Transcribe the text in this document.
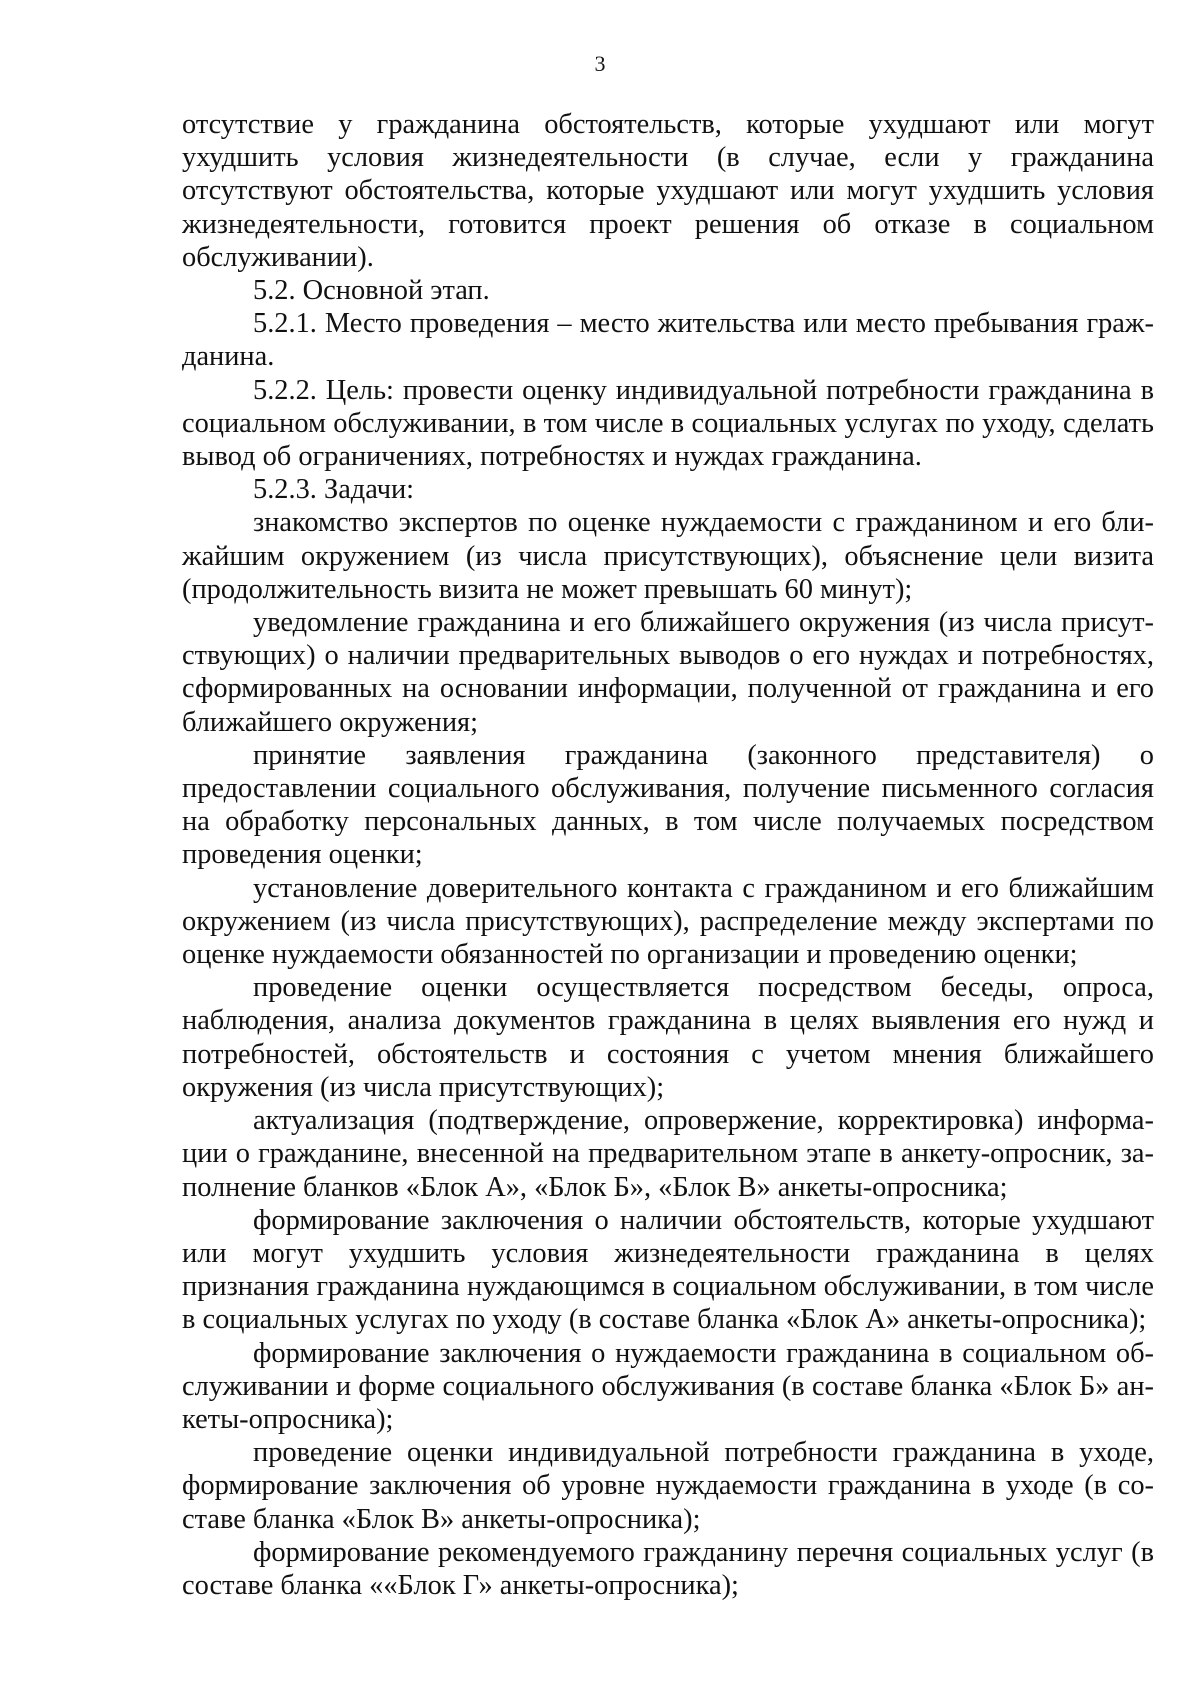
3

отсутствие у гражданина обстоятельств, которые ухудшают или могут ухудшить условия жизнедеятельности (в случае, если у гражданина отсутствуют обстоятельства, которые ухудшают или могут ухудшить условия жизнедеятельности, готовится проект решения об отказе в социальном обслуживании).

5.2. Основной этап.

5.2.1. Место проведения – место жительства или место пребывания гражданина.

5.2.2. Цель: провести оценку индивидуальной потребности гражданина в социальном обслуживании, в том числе в социальных услугах по уходу, сделать вывод об ограничениях, потребностях и нуждах гражданина.

5.2.3. Задачи:

знакомство экспертов по оценке нуждаемости с гражданином и его ближайшим окружением (из числа присутствующих), объяснение цели визита (продолжительность визита не может превышать 60 минут);

уведомление гражданина и его ближайшего окружения (из числа присутствующих) о наличии предварительных выводов о его нуждах и потребностях, сформированных на основании информации, полученной от гражданина и его ближайшего окружения;

принятие заявления гражданина (законного представителя) о предоставлении социального обслуживания, получение письменного согласия на обработку персональных данных, в том числе получаемых посредством проведения оценки;

установление доверительного контакта с гражданином и его ближайшим окружением (из числа присутствующих), распределение между экспертами по оценке нуждаемости обязанностей по организации и проведению оценки;

проведение оценки осуществляется посредством беседы, опроса, наблюдения, анализа документов гражданина в целях выявления его нужд и потребностей, обстоятельств и состояния с учетом мнения ближайшего окружения (из числа присутствующих);

актуализация (подтверждение, опровержение, корректировка) информации о гражданине, внесенной на предварительном этапе в анкету-опросник, заполнение бланков «Блок А», «Блок Б», «Блок В» анкеты-опросника;

формирование заключения о наличии обстоятельств, которые ухудшают или могут ухудшить условия жизнедеятельности гражданина в целях признания гражданина нуждающимся в социальном обслуживании, в том числе в социальных услугах по уходу (в составе бланка «Блок А» анкеты-опросника);

формирование заключения о нуждаемости гражданина в социальном обслуживании и форме социального обслуживания (в составе бланка «Блок Б» анкеты-опросника);

проведение оценки индивидуальной потребности гражданина в уходе, формирование заключения об уровне нуждаемости гражданина в уходе (в составе бланка «Блок В» анкеты-опросника);

формирование рекомендуемого гражданину перечня социальных услуг (в составе бланка ««Блок Г» анкеты-опросника);
